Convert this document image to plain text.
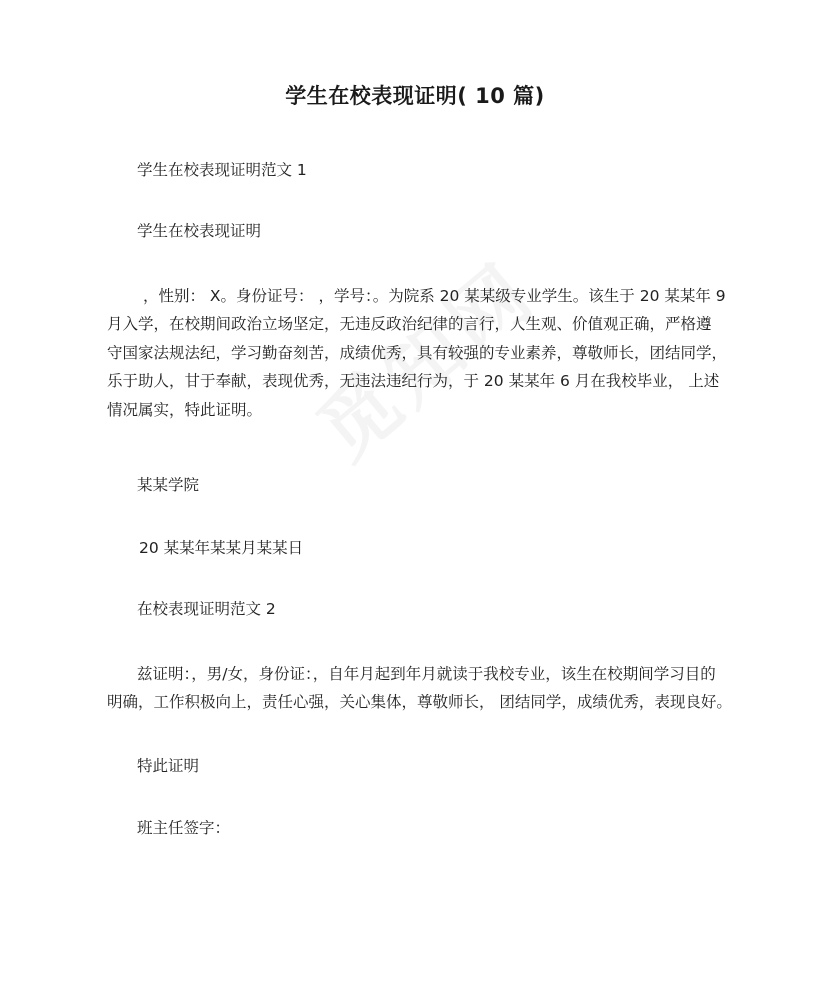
学生在校表现证明( 10 篇)
学生在校表现证明范文 1
学生在校表现证明
，性别： X。身份证号： ，学号：。为院系 20 某某级专业学生。该生于 20 某某年 9
月入学，在校期间政治立场坚定，无违反政治纪律的言行，人生观、价值观正确，严格遵
守国家法规法纪，学习勤奋刻苦，成绩优秀，具有较强的专业素养，尊敬师长，团结同学，
乐于助人，甘于奉献，表现优秀，无违法违纪行为，于 20 某某年 6 月在我校毕业， 上述
情况属实，特此证明。
某某学院
20 某某年某某月某某日
在校表现证明范文 2
兹证明：，男/女，身份证：，自年月起到年月就读于我校专业，该生在校期间学习目的
明确，工作积极向上，责任心强，关心集体，尊敬师长， 团结同学，成绩优秀，表现良好。
特此证明
班主任签字：
